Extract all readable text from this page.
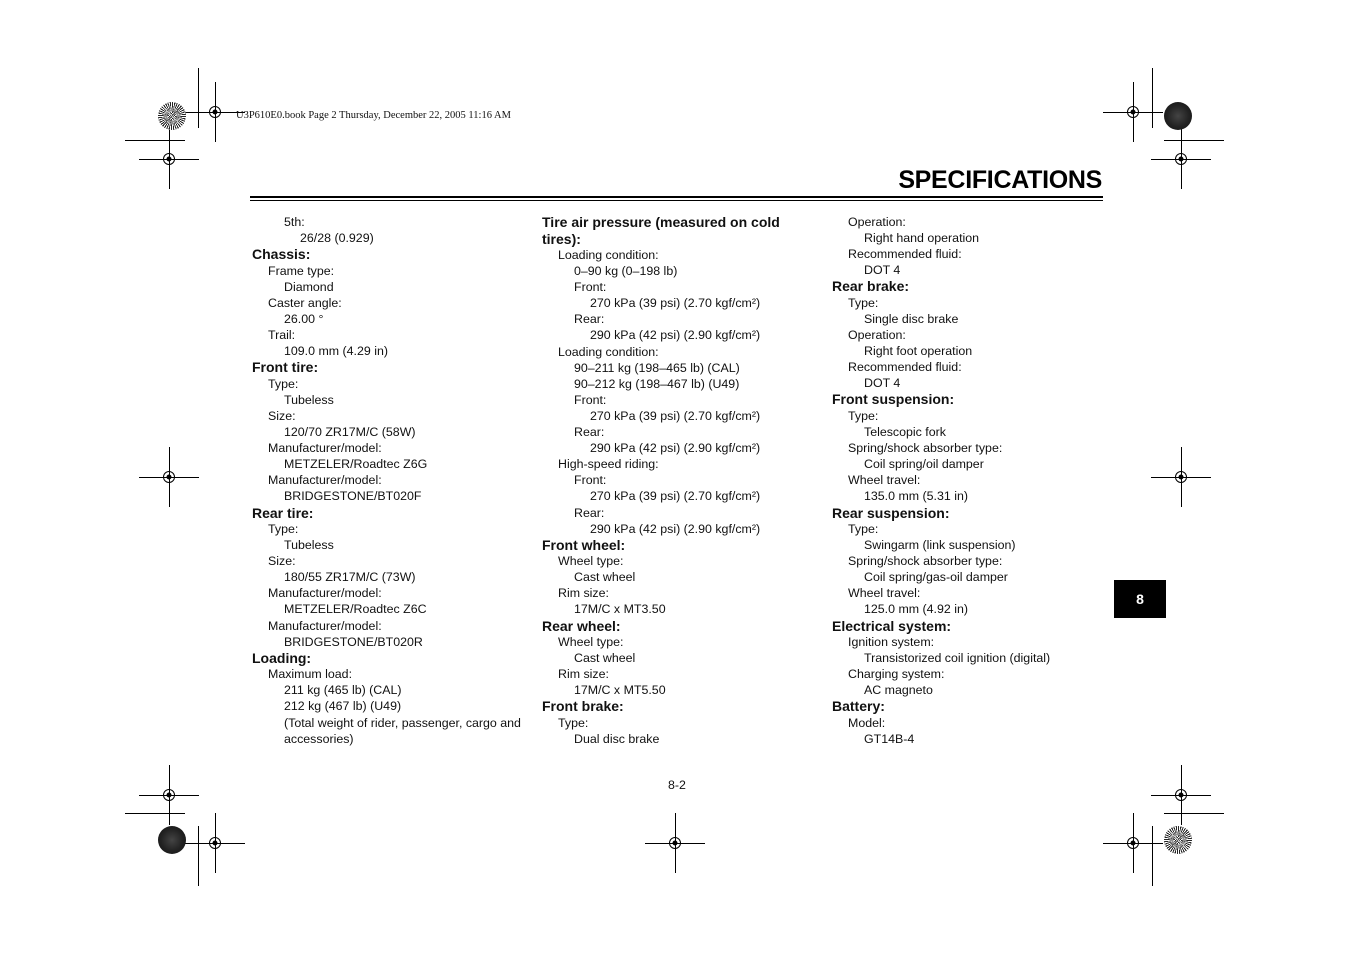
U3P610E0.book Page 2 Thursday, December 22, 2005 11:16 AM
SPECIFICATIONS
5th:
26/28 (0.929)
Chassis:
Frame type:
Diamond
Caster angle:
26.00 °
Trail:
109.0 mm (4.29 in)
Front tire:
Type:
Tubeless
Size:
120/70 ZR17M/C (58W)
Manufacturer/model:
METZELER/Roadtec Z6G
Manufacturer/model:
BRIDGESTONE/BT020F
Rear tire:
Type:
Tubeless
Size:
180/55 ZR17M/C (73W)
Manufacturer/model:
METZELER/Roadtec Z6C
Manufacturer/model:
BRIDGESTONE/BT020R
Loading:
Maximum load:
211 kg (465 lb) (CAL)
212 kg (467 lb) (U49)
(Total weight of rider, passenger, cargo and
accessories)
Tire air pressure (measured on cold
tires):
Loading condition:
0–90 kg (0–198 lb)
Front:
270 kPa (39 psi) (2.70 kgf/cm²)
Rear:
290 kPa (42 psi) (2.90 kgf/cm²)
Loading condition:
90–211 kg (198–465 lb) (CAL)
90–212 kg (198–467 lb) (U49)
Front:
270 kPa (39 psi) (2.70 kgf/cm²)
Rear:
290 kPa (42 psi) (2.90 kgf/cm²)
High-speed riding:
Front:
270 kPa (39 psi) (2.70 kgf/cm²)
Rear:
290 kPa (42 psi) (2.90 kgf/cm²)
Front wheel:
Wheel type:
Cast wheel
Rim size:
17M/C x MT3.50
Rear wheel:
Wheel type:
Cast wheel
Rim size:
17M/C x MT5.50
Front brake:
Type:
Dual disc brake
Operation:
Right hand operation
Recommended fluid:
DOT 4
Rear brake:
Type:
Single disc brake
Operation:
Right foot operation
Recommended fluid:
DOT 4
Front suspension:
Type:
Telescopic fork
Spring/shock absorber type:
Coil spring/oil damper
Wheel travel:
135.0 mm (5.31 in)
Rear suspension:
Type:
Swingarm (link suspension)
Spring/shock absorber type:
Coil spring/gas-oil damper
Wheel travel:
125.0 mm (4.92 in)
Electrical system:
Ignition system:
Transistorized coil ignition (digital)
Charging system:
AC magneto
Battery:
Model:
GT14B-4
8
8-2
